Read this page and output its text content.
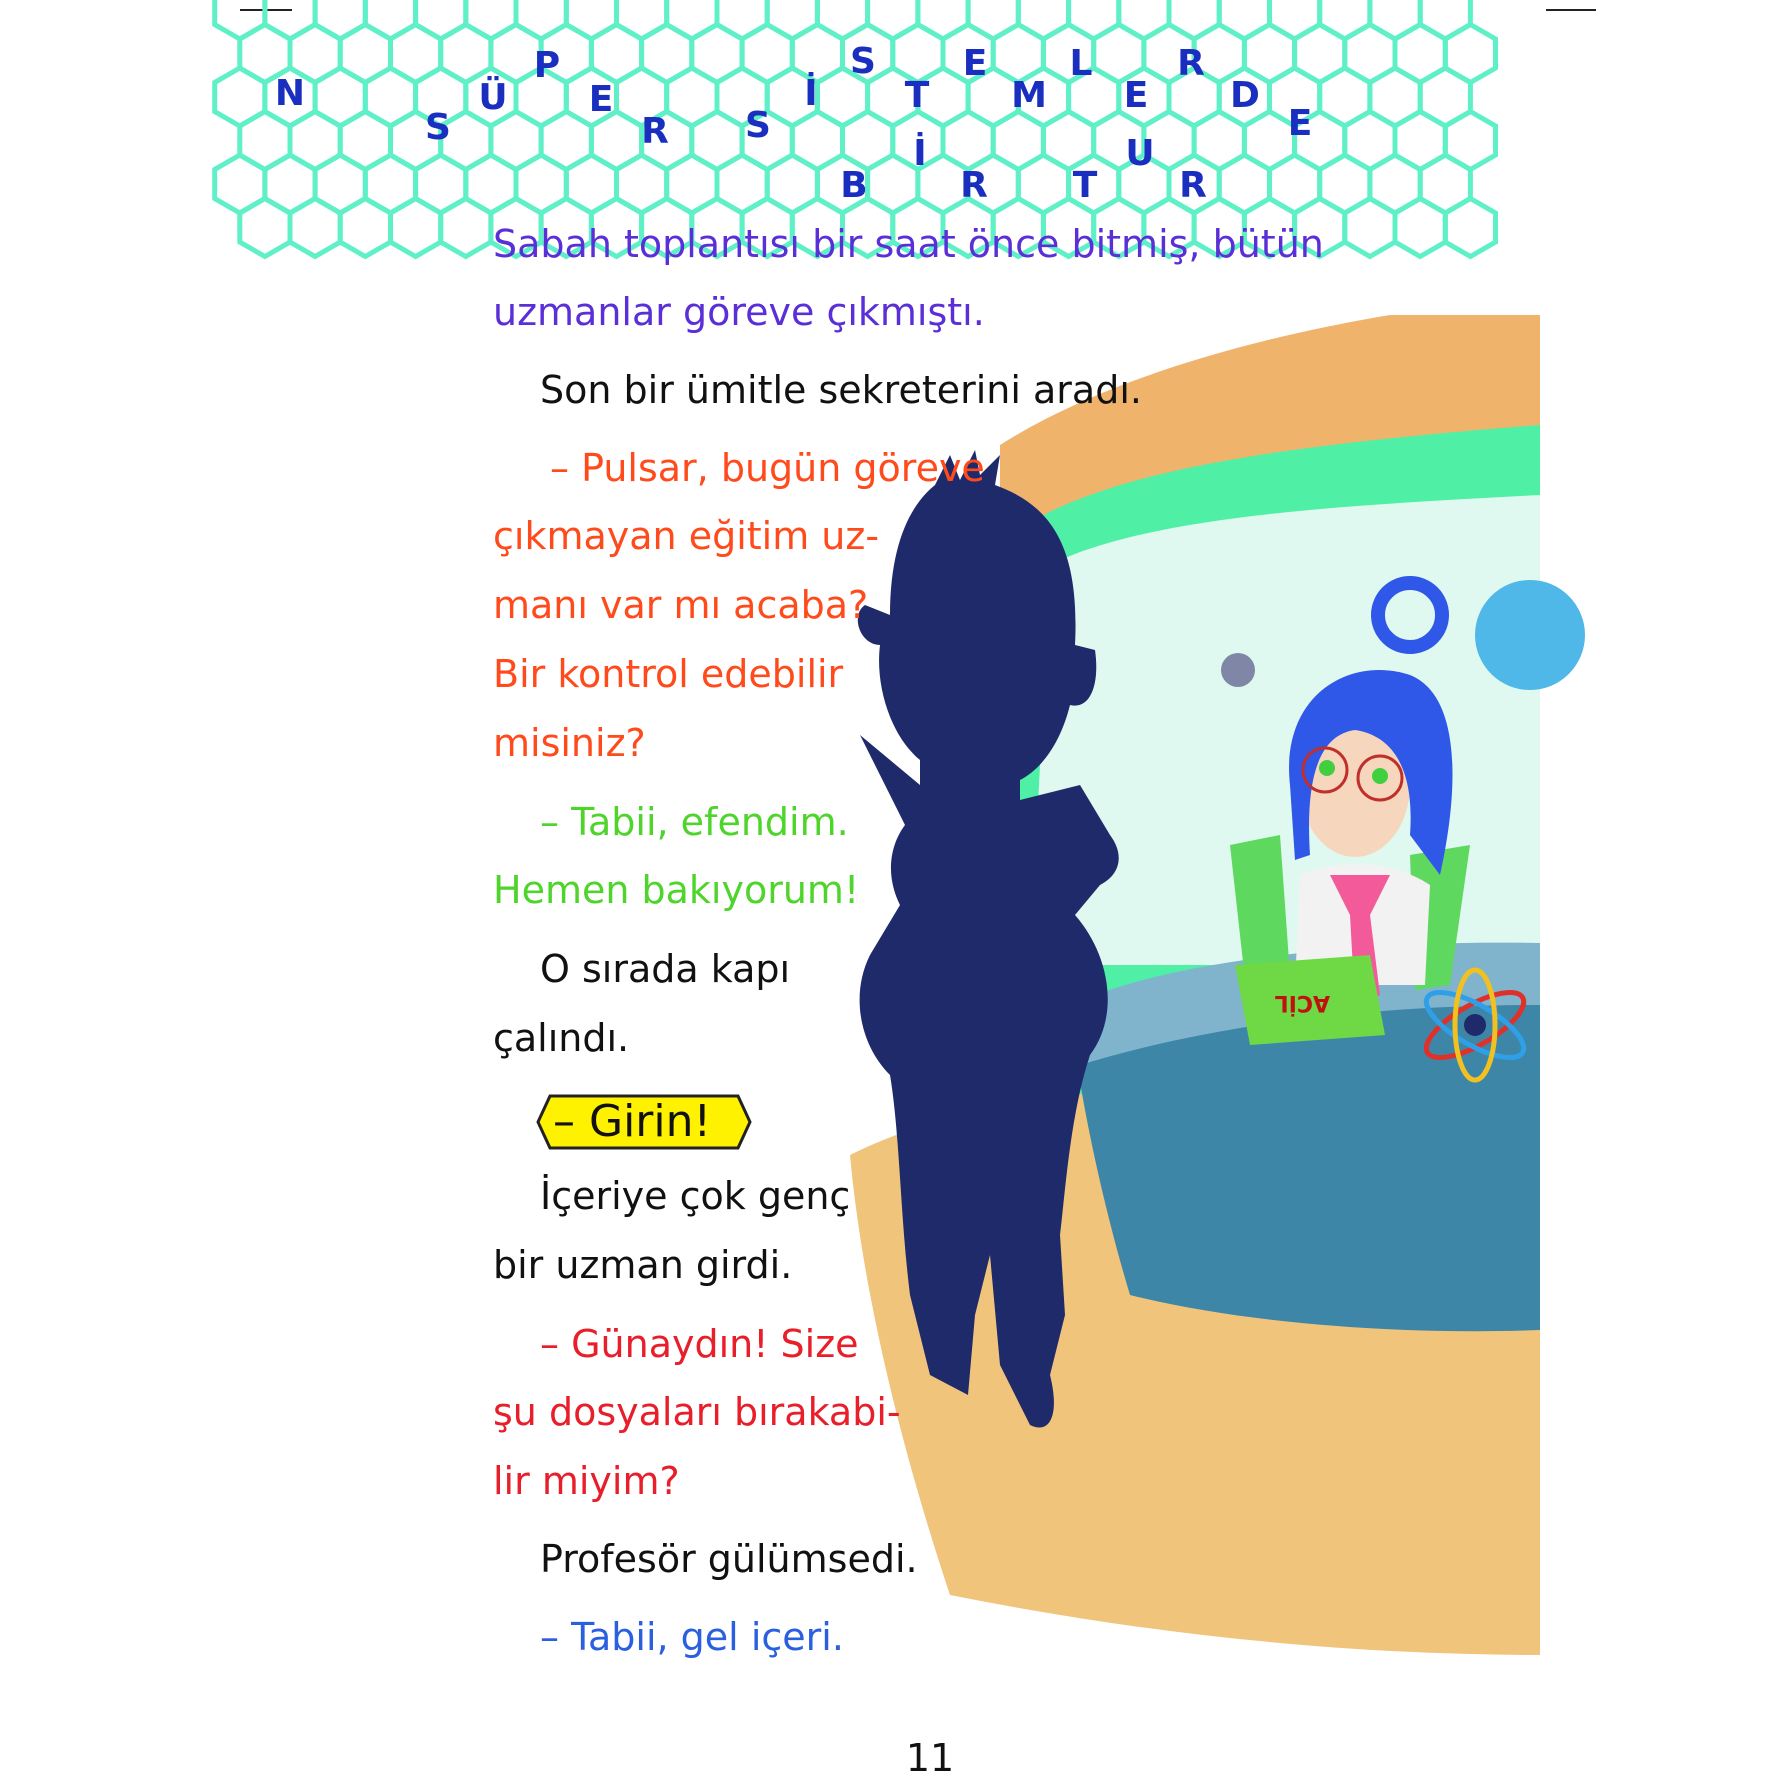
N
S
Ü
P
E
R S
İ
S
T
E
M
L
E
R
D
E
B
İ
R T
U
R
ACİL
Sabah toplantısı bir saat önce bitmiş, bütün
uzmanlar göreve çıkmıştı.
Son bir ümitle sekreterini aradı.
– Pulsar, bugün göreve
çıkmayan eğitim uz-
manı var mı acaba?
Bir kontrol edebilir
misiniz?
– Tabii, efendim.
Hemen bakıyorum!
O sırada kapı
çalındı.
– Girin!
İçeriye çok genç
bir uzman girdi.
– Günaydın! Size
şu dosyaları bırakabi-
lir miyim?
Profesör gülümsedi.
– Tabii, gel içeri.
11
